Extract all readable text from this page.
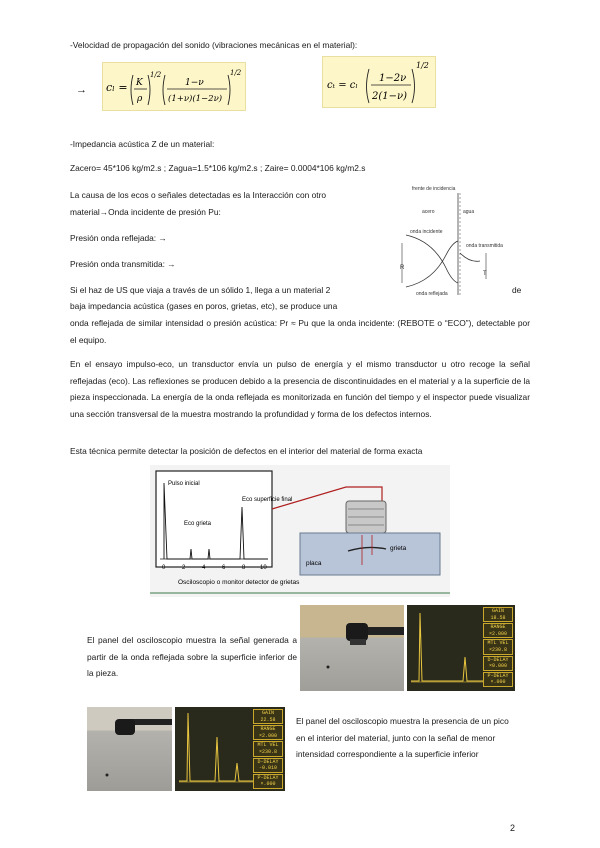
-Velocidad de propagación del sonido (vibraciones mecánicas en el material):
→ cₗ = K
ρ
1/2
1−ν
(1+ν)(1−2ν)
1/2
cₜ = cₗ
1−2ν
2(1−ν)
1/2
-Impedancia acústica Z de un material:
Zacero= 45*106 kg/m2.s ; Zagua=1.5*106 kg/m2.s ; Zaire= 0.0004*106 kg/m2.s
La causa de los ecos o señales detectadas es la Interacción con otro material→Onda incidente de presión Pu:
Presión onda reflejada: →
Presión onda transmitida: →
frente de incidencia
acero	agua
onda incidente
onda transmitida
onda reflejada
R
T
Si el haz de US que viaja a través de un sólido 1, llega a un material 2	de
baja impedancia acústica (gases en poros, grietas, etc), se produce una
onda reflejada de similar intensidad o presión acústica: Pr ≈ Pu que la onda incidente: (REBOTE o “ECO”), detectable por el equipo.
En el ensayo impulso-eco, un transductor envía un pulso de energía y el mismo transductor u otro recoge la señal reflejadas (eco). Las reflexiones se producen debido a la presencia de discontinuidades en el material y a la superficie de la pieza inspeccionada. La energía de la onda reflejada es monitorizada en función del tiempo y el inspector puede visualizar una sección transversal de la muestra mostrando la profundidad y forma de los defectos internos.
Esta técnica permite detectar la posición de defectos en el interior del material de forma exacta
Pulso inicial
Eco grieta
Eco superficie final
0	2	4	6	8 10
Osciloscopio o monitor detector de grietas
grieta
placa
El panel del osciloscopio muestra la señal generada a partir de la onda reflejada sobre la superficie inferior de la pieza.
GAIN 18.58
RANGE ×2.000
MTL VEL ×230.8
D-DELAY ×0.000
P-DELAY ×.000
GAIN 22.58
RANGE ×2.000
MTL VEL ×230.8
D-DELAY -0.010
P-DELAY ×.000
El panel del osciloscopio muestra la presencia de un pico en el interior del material, junto con la señal de menor intensidad correspondiente a la superficie inferior
2
